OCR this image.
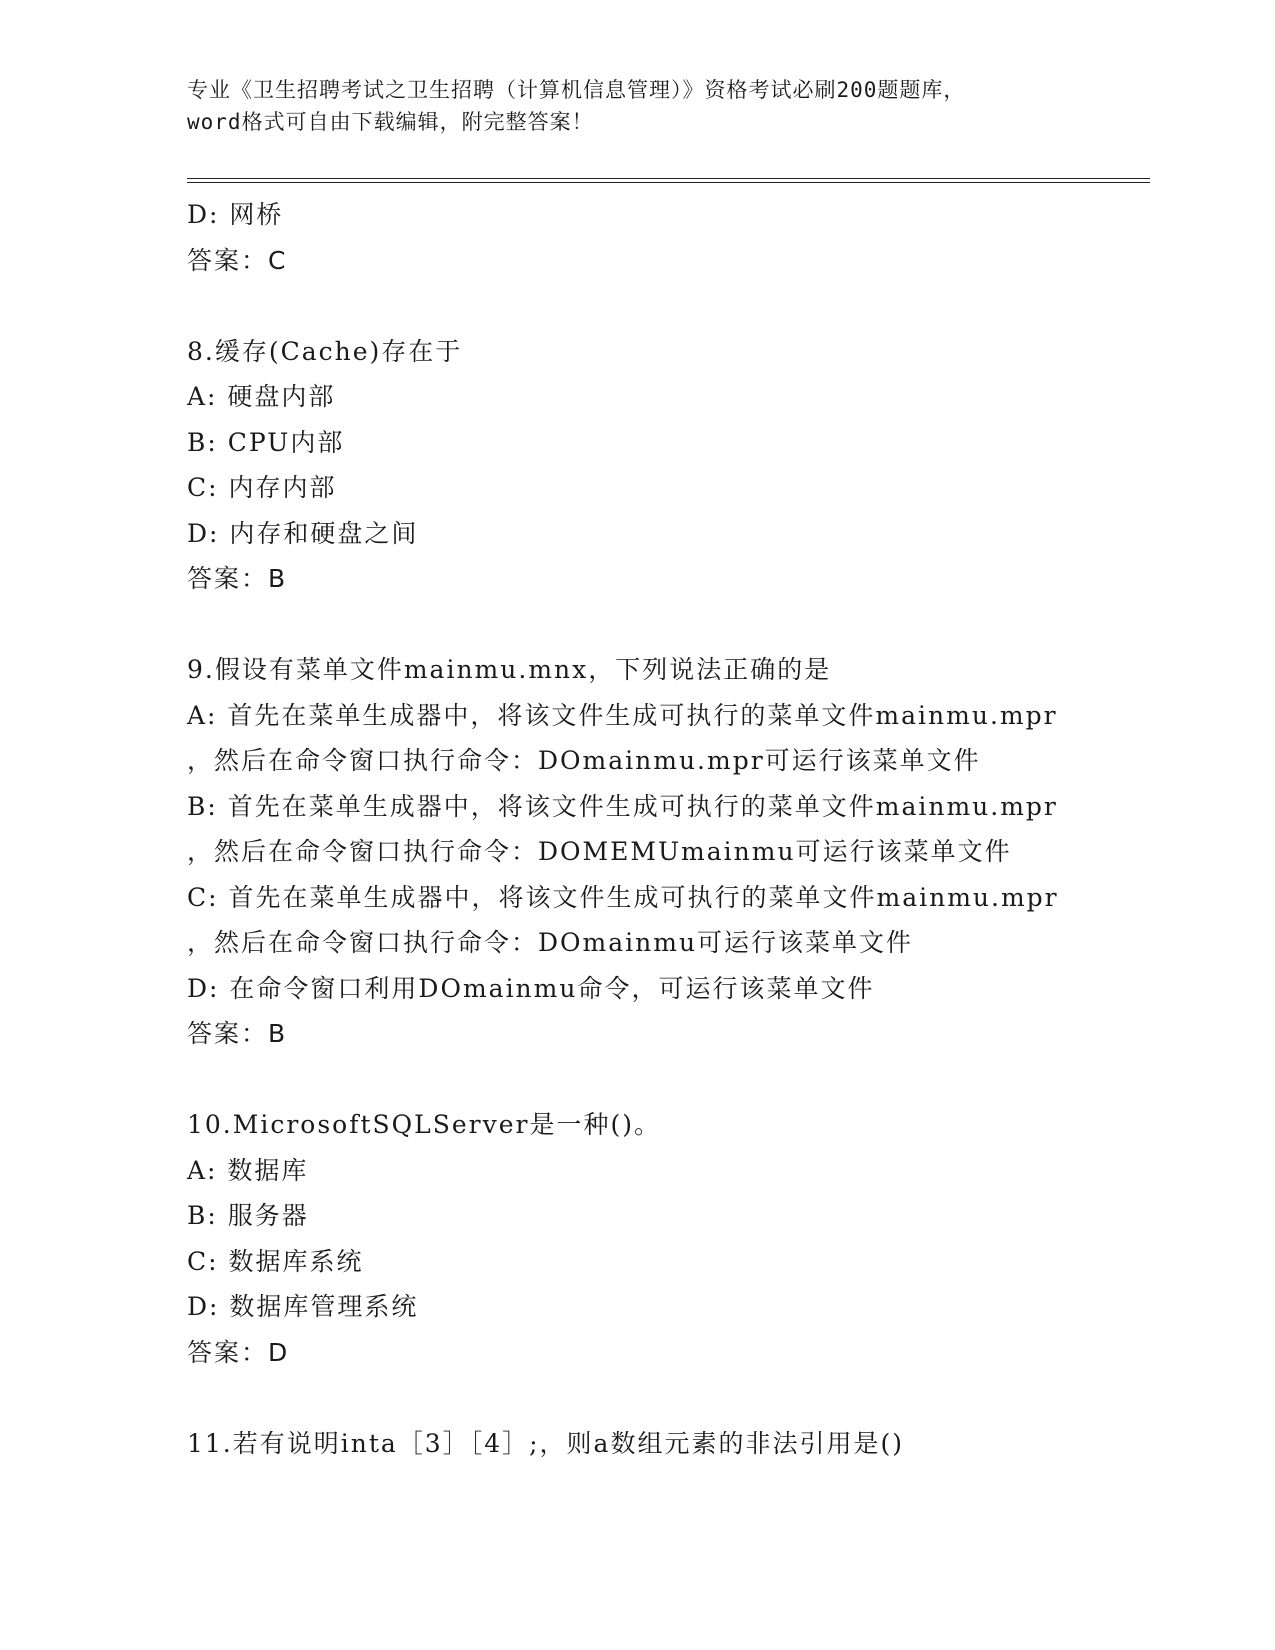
专业《卫生招聘考试之卫生招聘（计算机信息管理）》资格考试必刷200题题库，
word格式可自由下载编辑，附完整答案！
D: 网桥
答案：C
8.缓存(Cache)存在于
A: 硬盘内部
B: CPU内部
C: 内存内部
D: 内存和硬盘之间
答案：B
9.假设有菜单文件mainmu.mnx，下列说法正确的是
A: 首先在菜单生成器中，将该文件生成可执行的菜单文件mainmu.mpr
，然后在命令窗口执行命令：DOmainmu.mpr可运行该菜单文件
B: 首先在菜单生成器中，将该文件生成可执行的菜单文件mainmu.mpr
，然后在命令窗口执行命令：DOMEMUmainmu可运行该菜单文件
C: 首先在菜单生成器中，将该文件生成可执行的菜单文件mainmu.mpr
，然后在命令窗口执行命令：DOmainmu可运行该菜单文件
D: 在命令窗口利用DOmainmu命令，可运行该菜单文件
答案：B
10.MicrosoftSQLServer是一种()。
A: 数据库
B: 服务器
C: 数据库系统
D: 数据库管理系统
答案：D
11.若有说明inta［3］［4］;，则a数组元素的非法引用是()
